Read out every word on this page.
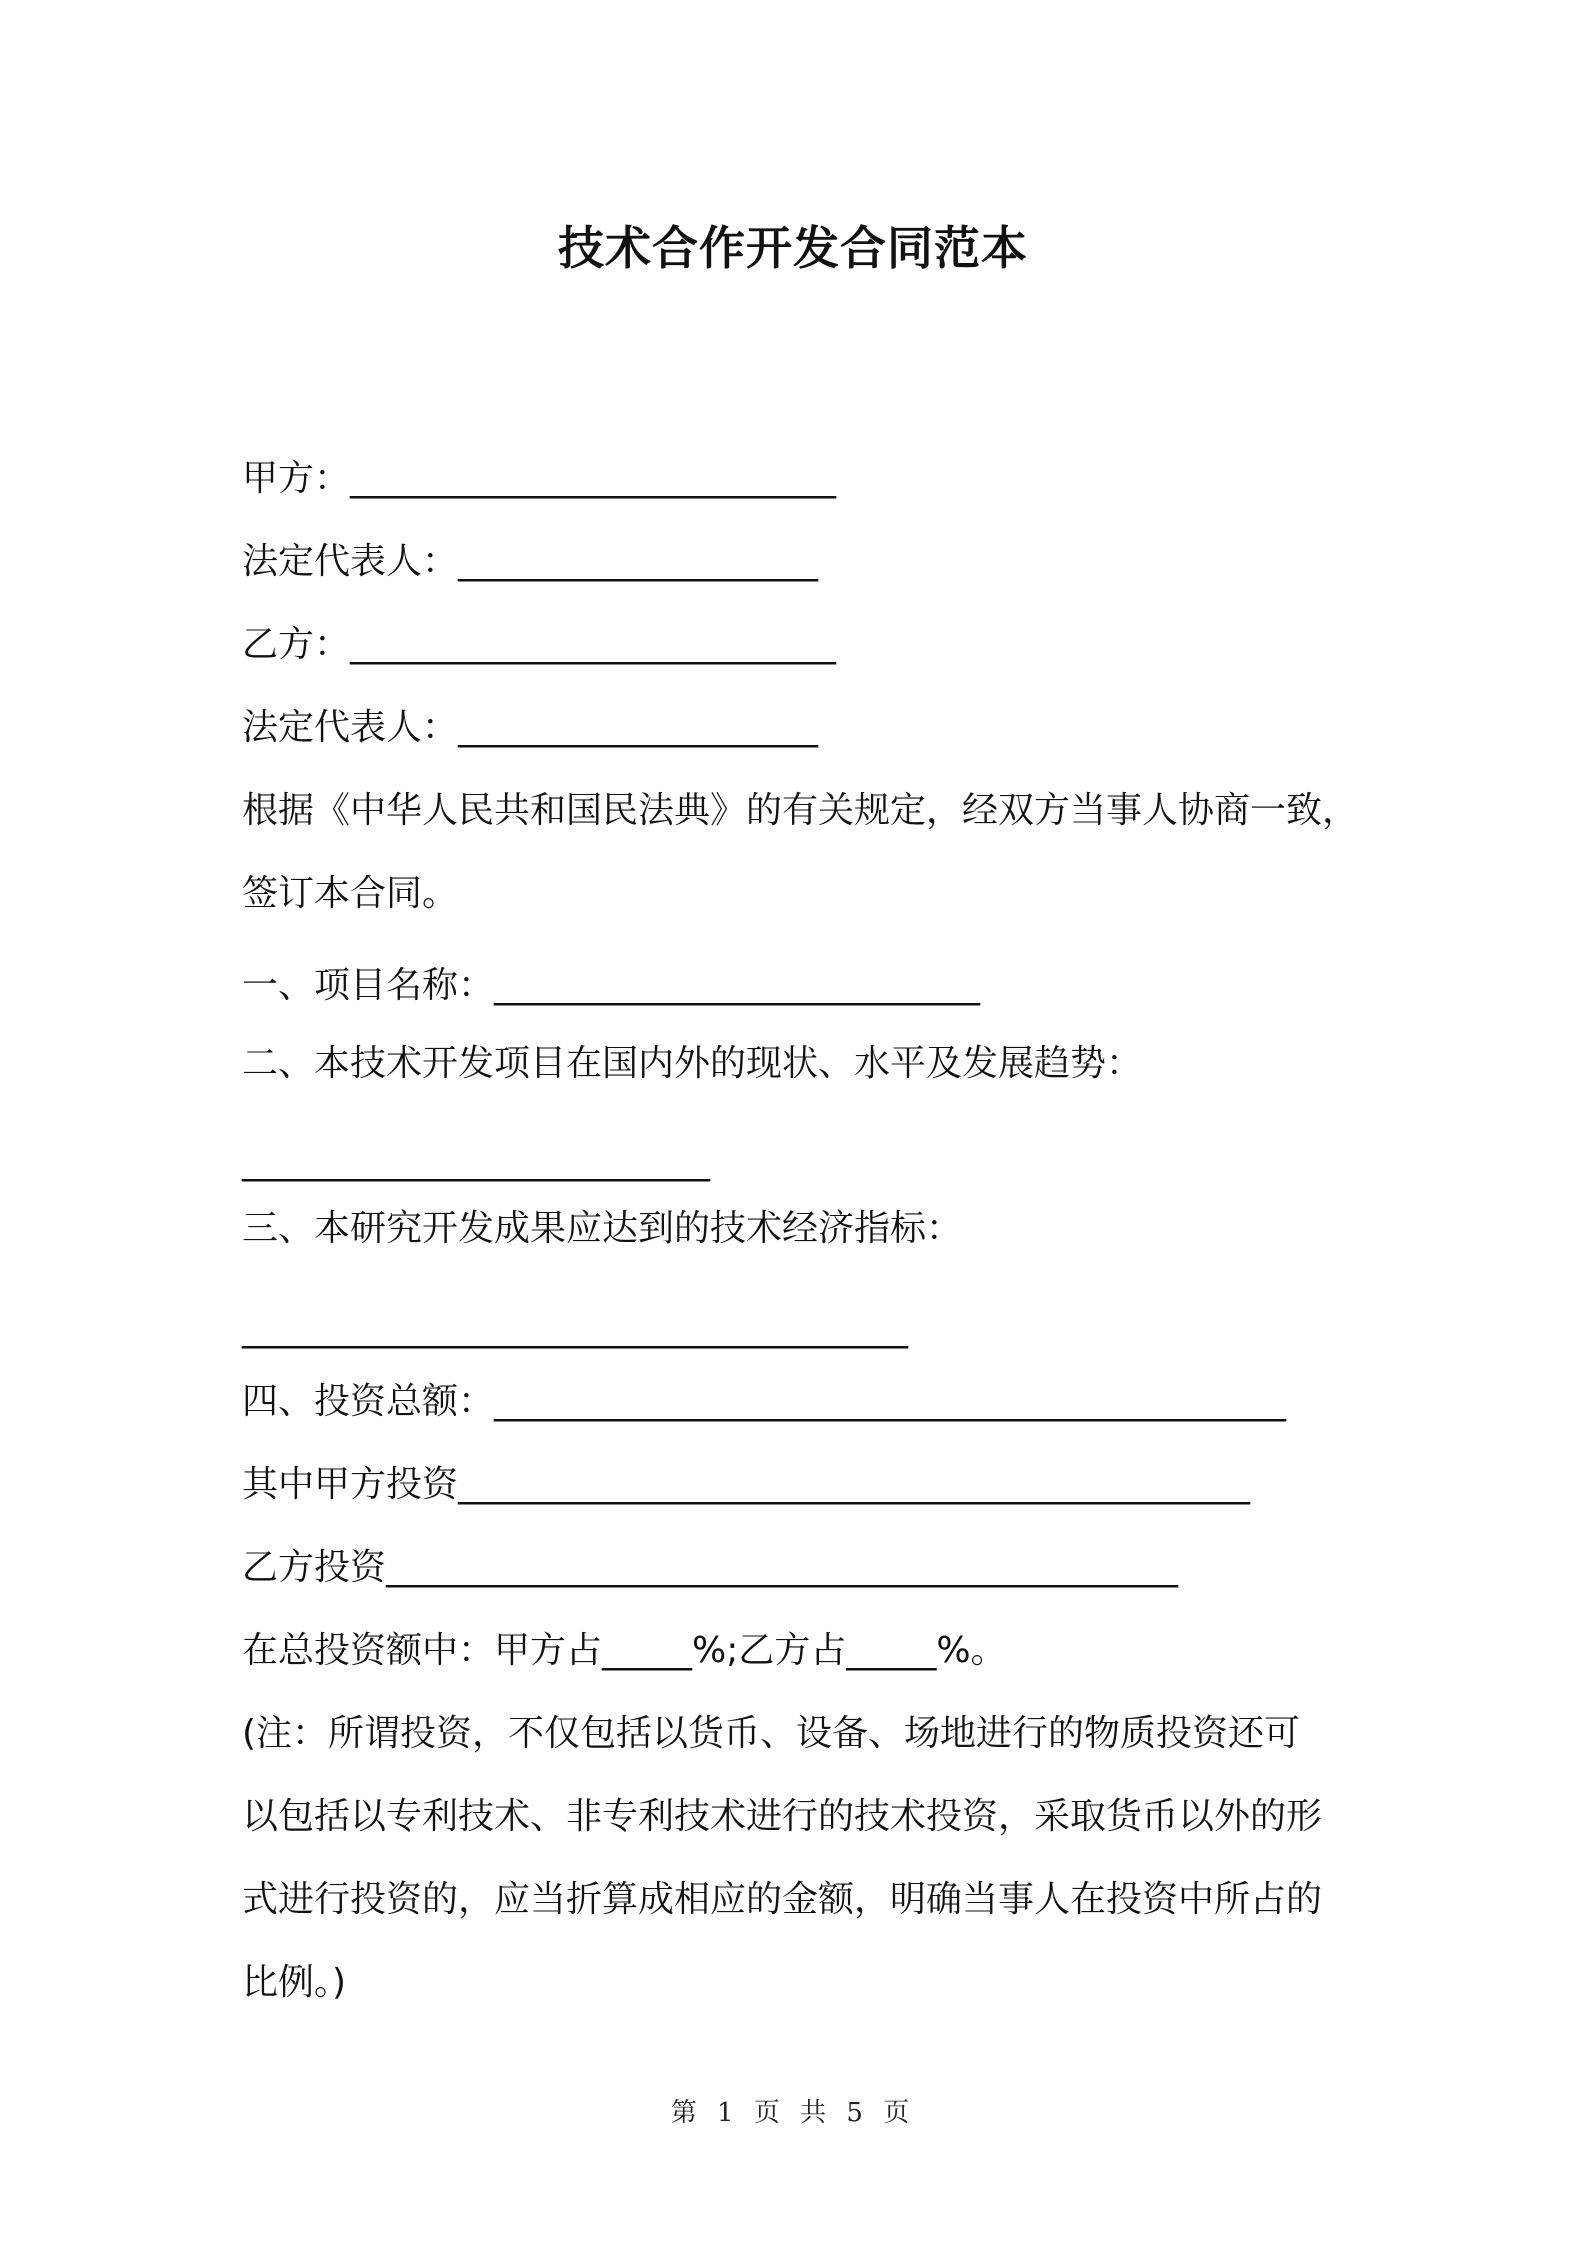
技术合作开发合同范本
甲方：___________________________
法定代表人：____________________
乙方：___________________________
法定代表人：____________________
根据《中华人民共和国民法典》的有关规定，经双方当事人协商一致，
签订本合同。
一、项目名称：___________________________
二、本技术开发项目在国内外的现状、水平及发展趋势：
__________________________
三、本研究开发成果应达到的技术经济指标：
_____________________________________
四、投资总额：____________________________________________
其中甲方投资____________________________________________
乙方投资____________________________________________
在总投资额中：甲方占_____%;乙方占_____%。
(注：所谓投资，不仅包括以货币、设备、场地进行的物质投资还可
以包括以专利技术、非专利技术进行的技术投资，采取货币以外的形
式进行投资的，应当折算成相应的金额，明确当事人在投资中所占的
比例。)
第 1 页 共 5 页
